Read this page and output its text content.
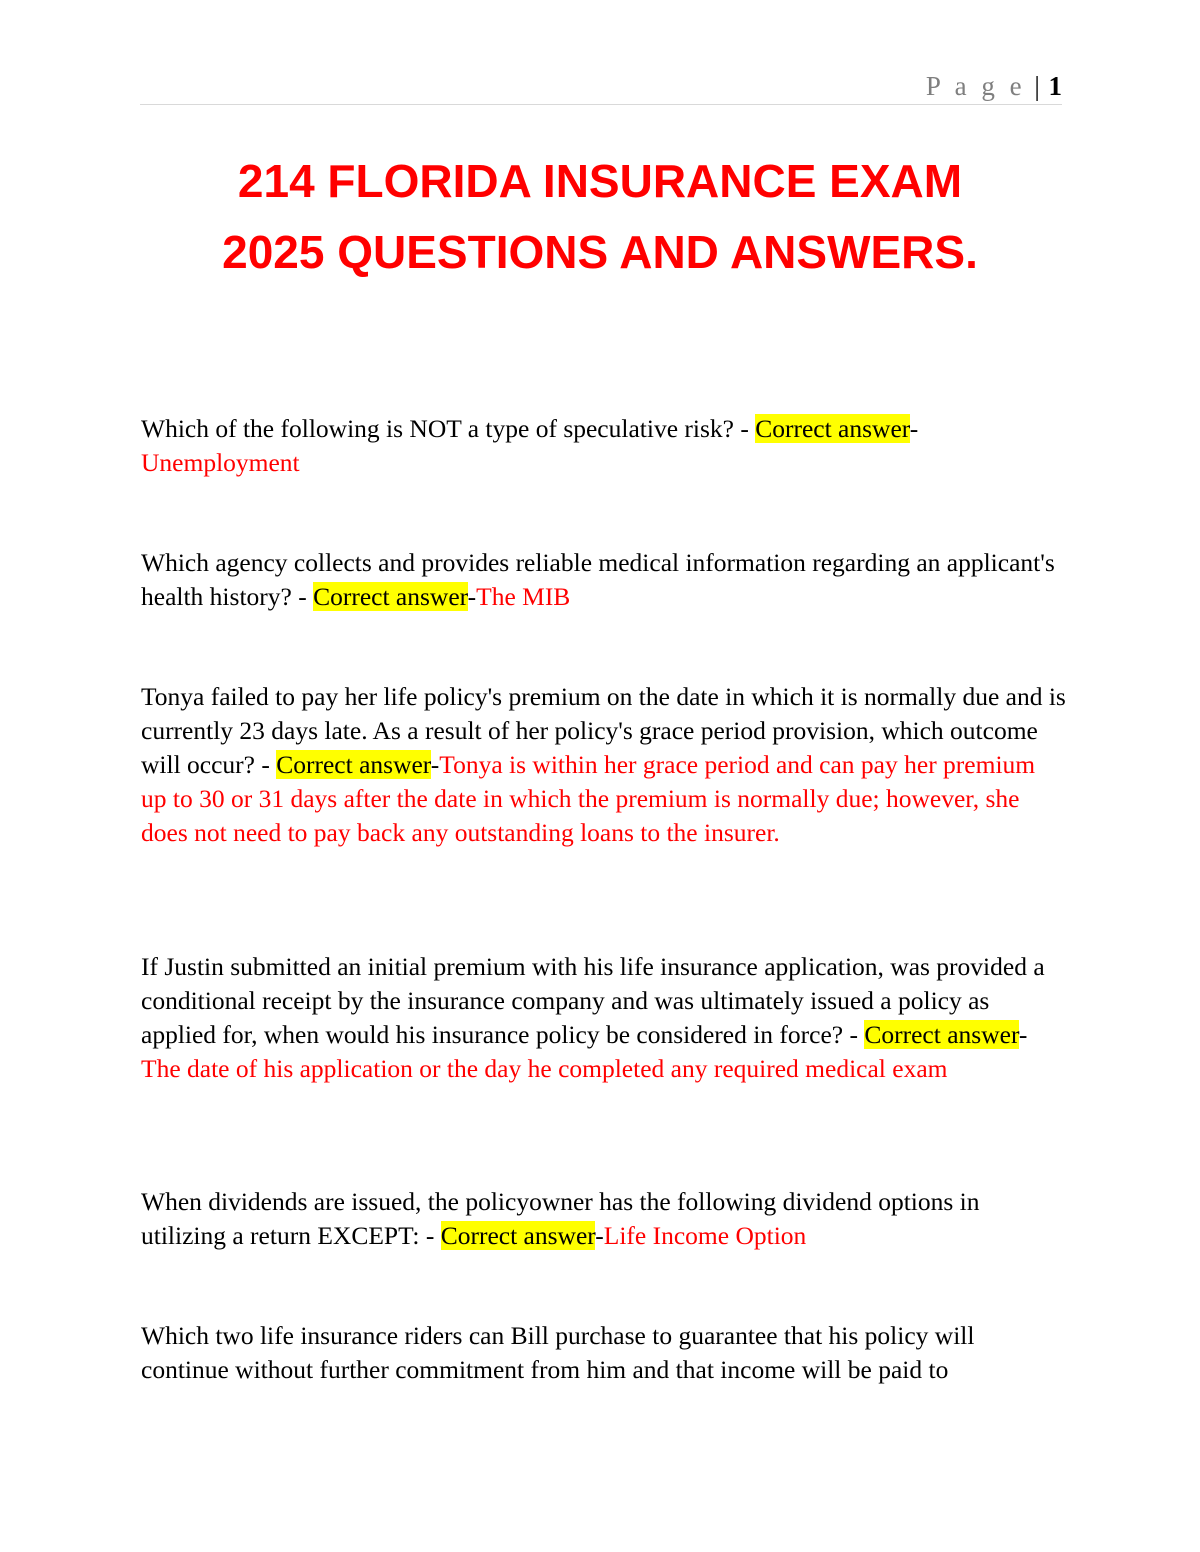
P a g e | 1
214 FLORIDA INSURANCE EXAM
2025 QUESTIONS AND ANSWERS.

Which of the following is NOT a type of speculative risk? - Correct answer-
Unemployment

Which agency collects and provides reliable medical information regarding an applicant's health history? - Correct answer-The MIB

Tonya failed to pay her life policy's premium on the date in which it is normally due and is currently 23 days late. As a result of her policy's grace period provision, which outcome will occur? - Correct answer-Tonya is within her grace period and can pay her premium up to 30 or 31 days after the date in which the premium is normally due; however, she does not need to pay back any outstanding loans to the insurer.

If Justin submitted an initial premium with his life insurance application, was provided a conditional receipt by the insurance company and was ultimately issued a policy as applied for, when would his insurance policy be considered in force? - Correct answer-The date of his application or the day he completed any required medical exam

When dividends are issued, the policyowner has the following dividend options in utilizing a return EXCEPT: - Correct answer-Life Income Option

Which two life insurance riders can Bill purchase to guarantee that his policy will continue without further commitment from him and that income will be paid to
